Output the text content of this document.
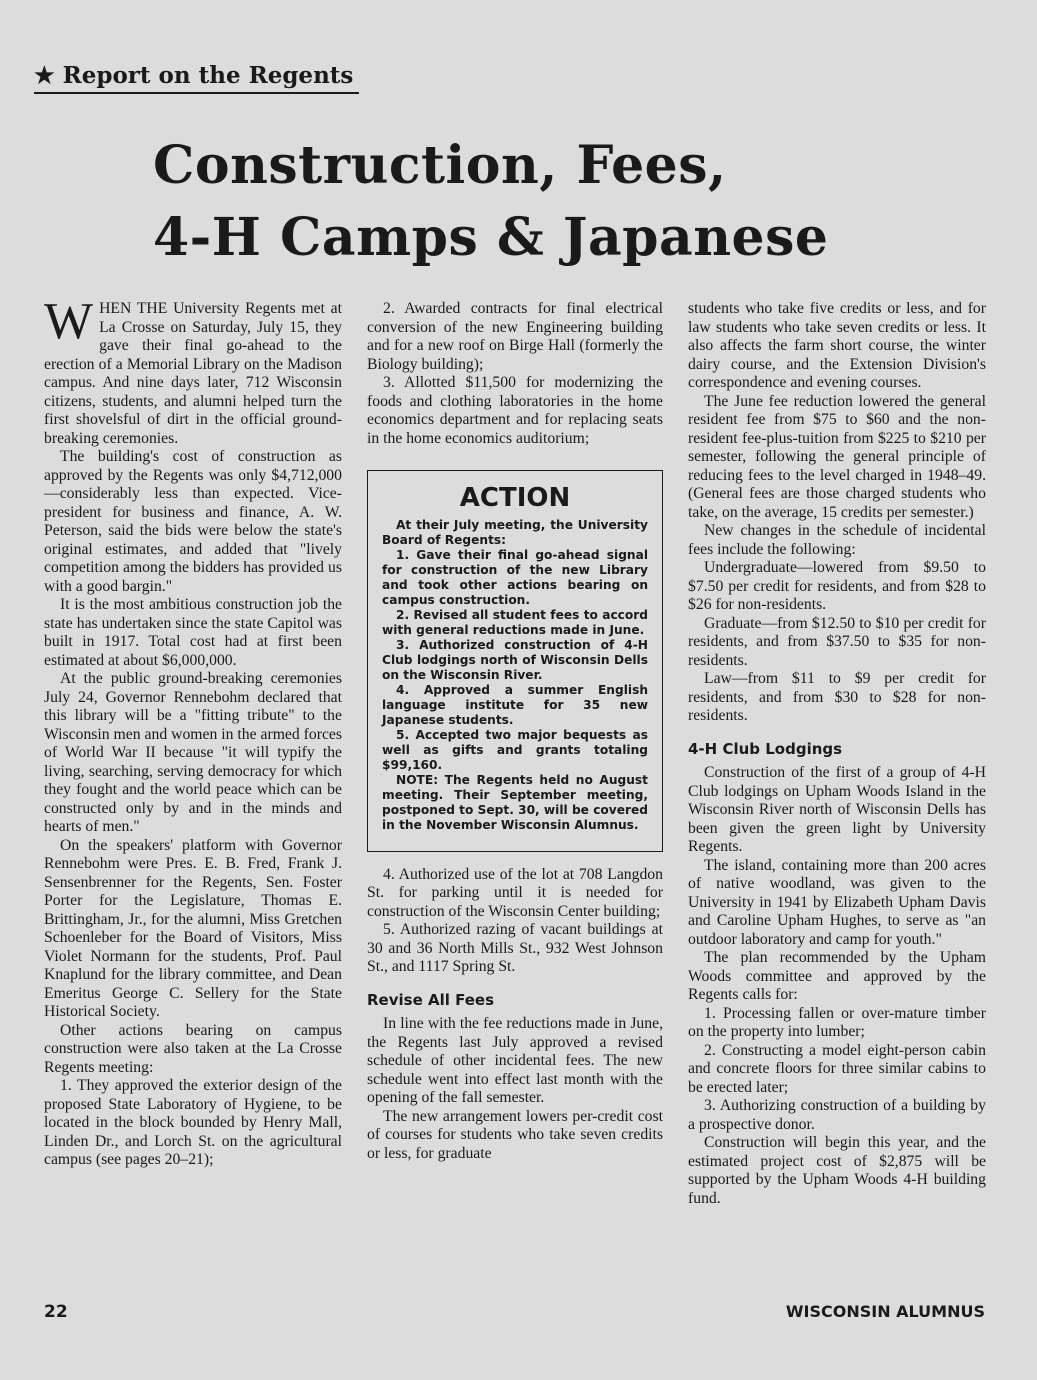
★ Report on the Regents
Construction, Fees,
4-H Camps & Japanese

WHEN THE University Regents met at La Crosse on Saturday, July 15, they gave their final go-ahead to the erection of a Memorial Library on the Madison campus. And nine days later, 712 Wisconsin citizens, students, and alumni helped turn the first shovelsful of dirt in the official ground-breaking ceremonies.

The building's cost of construction as approved by the Regents was only $4,712,000—considerably less than expected. Vice-president for business and finance, A. W. Peterson, said the bids were below the state's original estimates, and added that "lively competition among the bidders has provided us with a good bargin."

It is the most ambitious construction job the state has undertaken since the state Capitol was built in 1917. Total cost had at first been estimated at about $6,000,000.

At the public ground-breaking ceremonies July 24, Governor Rennebohm declared that this library will be a "fitting tribute" to the Wisconsin men and women in the armed forces of World War II because "it will typify the living, searching, serving democracy for which they fought and the world peace which can be constructed only by and in the minds and hearts of men."

On the speakers' platform with Governor Rennebohm were Pres. E. B. Fred, Frank J. Sensenbrenner for the Regents, Sen. Foster Porter for the Legislature, Thomas E. Brittingham, Jr., for the alumni, Miss Gretchen Schoenleber for the Board of Visitors, Miss Violet Normann for the students, Prof. Paul Knaplund for the library committee, and Dean Emeritus George C. Sellery for the State Historical Society.

Other actions bearing on campus construction were also taken at the La Crosse Regents meeting:

1. They approved the exterior design of the proposed State Laboratory of Hygiene, to be located in the block bounded by Henry Mall, Linden Dr., and Lorch St. on the agricultural campus (see pages 20–21);

2. Awarded contracts for final electrical conversion of the new Engineering building and for a new roof on Birge Hall (formerly the Biology building);

3. Allotted $11,500 for modernizing the foods and clothing laboratories in the home economics department and for replacing seats in the home economics auditorium;

ACTION

At their July meeting, the University Board of Regents:

1. Gave their final go-ahead signal for construction of the new Library and took other actions bearing on campus construction.

2. Revised all student fees to accord with general reductions made in June.

3. Authorized construction of 4-H Club lodgings north of Wisconsin Dells on the Wisconsin River.

4. Approved a summer English language institute for 35 new Japanese students.

5. Accepted two major bequests as well as gifts and grants totaling $99,160.

NOTE: The Regents held no August meeting. Their September meeting, postponed to Sept. 30, will be covered in the November Wisconsin Alumnus.

4. Authorized use of the lot at 708 Langdon St. for parking until it is needed for construction of the Wisconsin Center building;

5. Authorized razing of vacant buildings at 30 and 36 North Mills St., 932 West Johnson St., and 1117 Spring St.

Revise All Fees

In line with the fee reductions made in June, the Regents last July approved a revised schedule of other incidental fees. The new schedule went into effect last month with the opening of the fall semester.

The new arrangement lowers per-credit cost of courses for students who take seven credits or less, for graduate

students who take five credits or less, and for law students who take seven credits or less. It also affects the farm short course, the winter dairy course, and the Extension Division's correspondence and evening courses.

The June fee reduction lowered the general resident fee from $75 to $60 and the non-resident fee-plus-tuition from $225 to $210 per semester, following the general principle of reducing fees to the level charged in 1948–49. (General fees are those charged students who take, on the average, 15 credits per semester.)

New changes in the schedule of incidental fees include the following:

Undergraduate—lowered from $9.50 to $7.50 per credit for residents, and from $28 to $26 for non-residents.

Graduate—from $12.50 to $10 per credit for residents, and from $37.50 to $35 for non-residents.

Law—from $11 to $9 per credit for residents, and from $30 to $28 for non-residents.

4-H Club Lodgings

Construction of the first of a group of 4-H Club lodgings on Upham Woods Island in the Wisconsin River north of Wisconsin Dells has been given the green light by University Regents.

The island, containing more than 200 acres of native woodland, was given to the University in 1941 by Elizabeth Upham Davis and Caroline Upham Hughes, to serve as "an outdoor laboratory and camp for youth."

The plan recommended by the Upham Woods committee and approved by the Regents calls for:

1. Processing fallen or over-mature timber on the property into lumber;

2. Constructing a model eight-person cabin and concrete floors for three similar cabins to be erected later;

3. Authorizing construction of a building by a prospective donor.

Construction will begin this year, and the estimated project cost of $2,875 will be supported by the Upham Woods 4-H building fund.

22	WISCONSIN ALUMNUS
